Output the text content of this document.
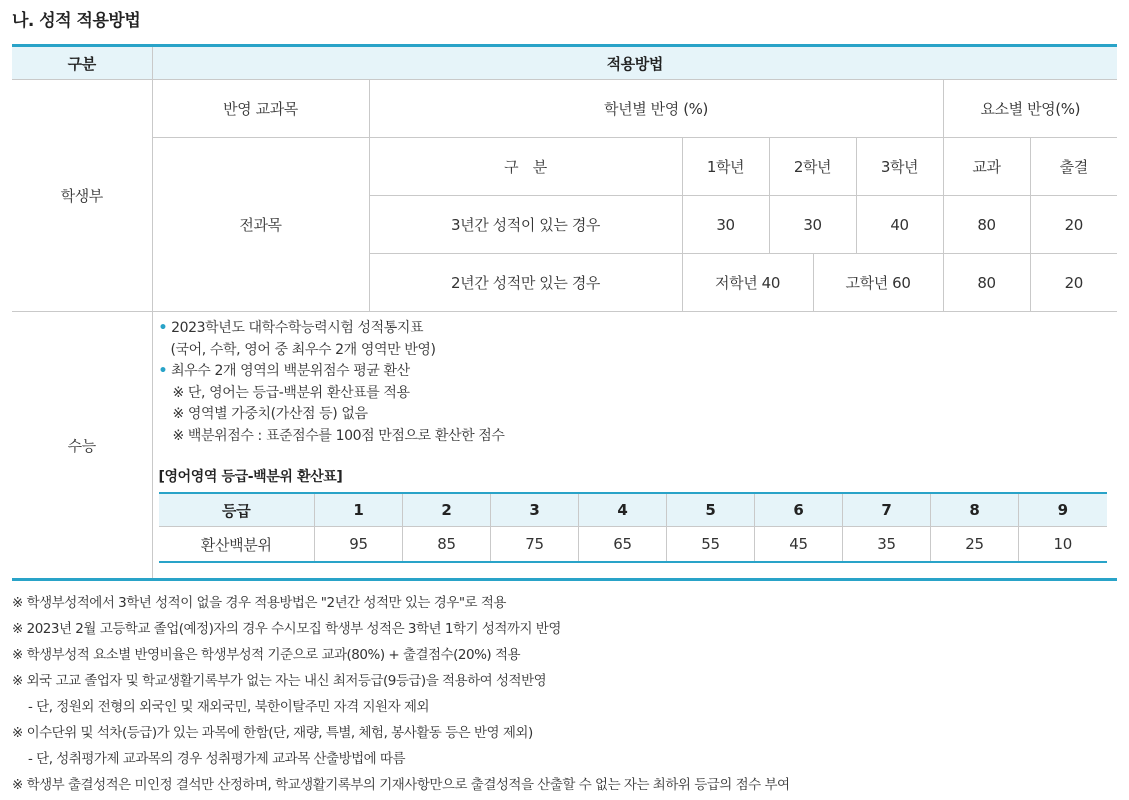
나. 성적 적용방법
구분	적용방법
학생부	반영 교과목	학년별 반영 (%)	요소별 반영(%)
전과목	구　분	1학년	2학년	3학년	교과	출결
3년간 성적이 있는 경우	30	30	40	80	20
2년간 성적만 있는 경우	저학년 40	고학년 60	80	20
수능	
• 2023학년도 대학수학능력시험 성적통지표
(국어, 수학, 영어 중 최우수 2개 영역만 반영)
• 최우수 2개 영역의 백분위점수 평균 환산
※ 단, 영어는 등급-백분위 환산표를 적용
※ 영역별 가중치(가산점 등) 없음
※ 백분위점수 : 표준점수를 100점 만점으로 환산한 점수
[영어영역 등급-백분위 환산표]
등급	1	2	3	4	5	6	7	8	9
환산백분위	95	85	75	65	55	45	35	25	10
※ 학생부성적에서 3학년 성적이 없을 경우 적용방법은 "2년간 성적만 있는 경우"로 적용
※ 2023년 2월 고등학교 졸업(예정)자의 경우 수시모집 학생부 성적은 3학년 1학기 성적까지 반영
※ 학생부성적 요소별 반영비율은 학생부성적 기준으로 교과(80%) + 출결점수(20%) 적용
※ 외국 고교 졸업자 및 학교생활기록부가 없는 자는 내신 최저등급(9등급)을 적용하여 성적반영
- 단, 정원외 전형의 외국인 및 재외국민, 북한이탈주민 자격 지원자 제외
※ 이수단위 및 석차(등급)가 있는 과목에 한함(단, 재량, 특별, 체험, 봉사활동 등은 반영 제외)
- 단, 성취평가제 교과목의 경우 성취평가제 교과목 산출방법에 따름
※ 학생부 출결성적은 미인정 결석만 산정하며, 학교생활기록부의 기재사항만으로 출결성적을 산출할 수 없는 자는 최하위 등급의 점수 부여
